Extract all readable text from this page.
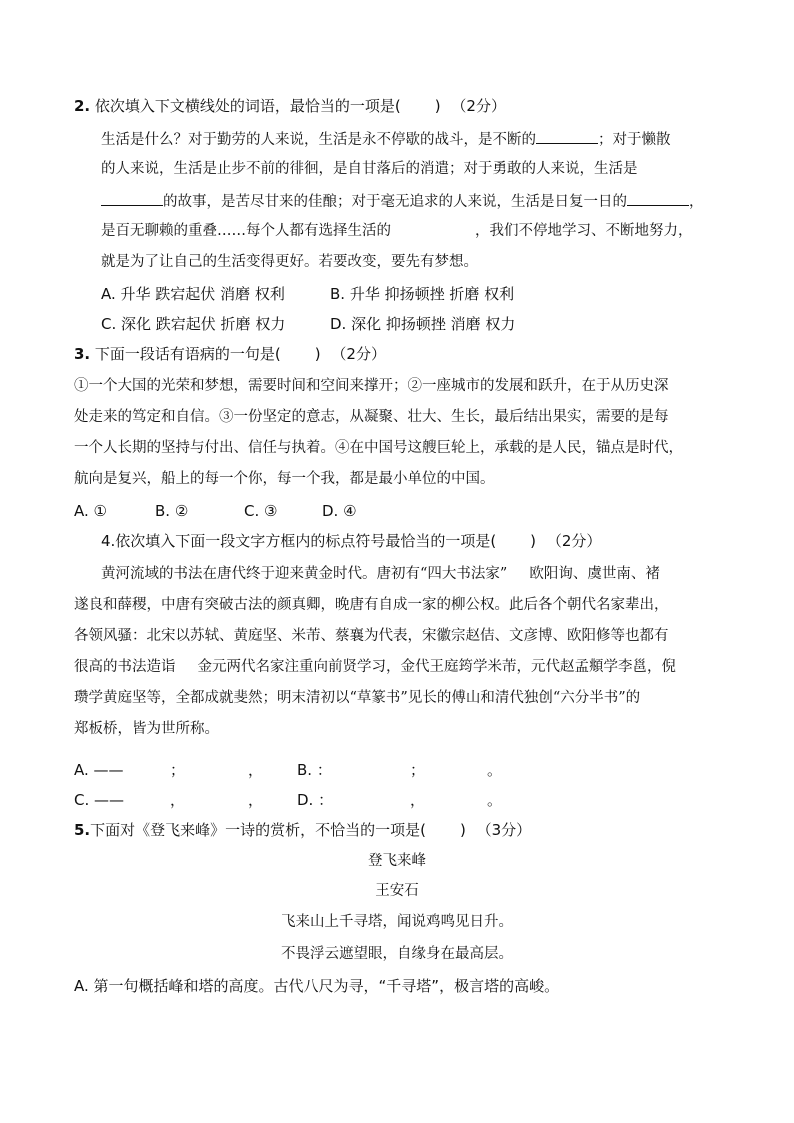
2. 依次填入下文横线处的词语，最恰当的一项是( ) （2分）
生活是什么？对于勤劳的人来说，生活是永不停歇的战斗，是不断的	；对于懒散
的人来说，生活是止步不前的徘徊，是自甘落后的消遣；对于勇敢的人来说，生活是
的故事，是苦尽甘来的佳酿；对于毫无追求的人来说，生活是日复一日的	，
是百无聊赖的重叠……每个人都有选择生活的	，我们不停地学习、不断地努力，
就是为了让自己的生活变得更好。若要改变，要先有梦想。
A. 升华 跌宕起伏 消磨 权利	B. 升华 抑扬顿挫 折磨 权利
C. 深化 跌宕起伏 折磨 权力	D. 深化 抑扬顿挫 消磨 权力
3. 下面一段话有语病的一句是( ) （2分）
①一个大国的光荣和梦想，需要时间和空间来撑开；②一座城市的发展和跃升，在于从历史深
处走来的笃定和自信。③一份坚定的意志，从凝聚、壮大、生长，最后结出果实，需要的是每
一个人长期的坚持与付出、信任与执着。④在中国号这艘巨轮上，承载的是人民，锚点是时代，
航向是复兴，船上的每一个你，每一个我，都是最小单位的中国。
A. ①	B. ②	C. ③	D. ④
4.依次填入下面一段文字方框内的标点符号最恰当的一项是( ) （2分）
黄河流域的书法在唐代终于迎来黄金时代。唐初有“四大书法家” 欧阳询、虞世南、褚
遂良和薛稷，中唐有突破古法的颜真卿，晚唐有自成一家的柳公权。此后各个朝代名家辈出，
各领风骚：北宋以苏轼、黄庭坚、米芾、蔡襄为代表，宋徽宗赵佶、文彦博、欧阳修等也都有
很高的书法造诣 金元两代名家注重向前贤学习，金代王庭筠学米芾，元代赵孟頫学李邕，倪
瓒学黄庭坚等，全都成就斐然；明末清初以“草篆书”见长的傅山和清代独创“六分半书”的
郑板桥，皆为世所称。
A. ——	；	， B. ：	；	。
C. ——	，	， D. ：	，	。
5.下面对《登飞来峰》一诗的赏析，不恰当的一项是( ) （3分）
登飞来峰
王安石
飞来山上千寻塔，闻说鸡鸣见日升。
不畏浮云遮望眼，自缘身在最高层。
A. 第一句概括峰和塔的高度。古代八尺为寻，“千寻塔”，极言塔的高峻。
